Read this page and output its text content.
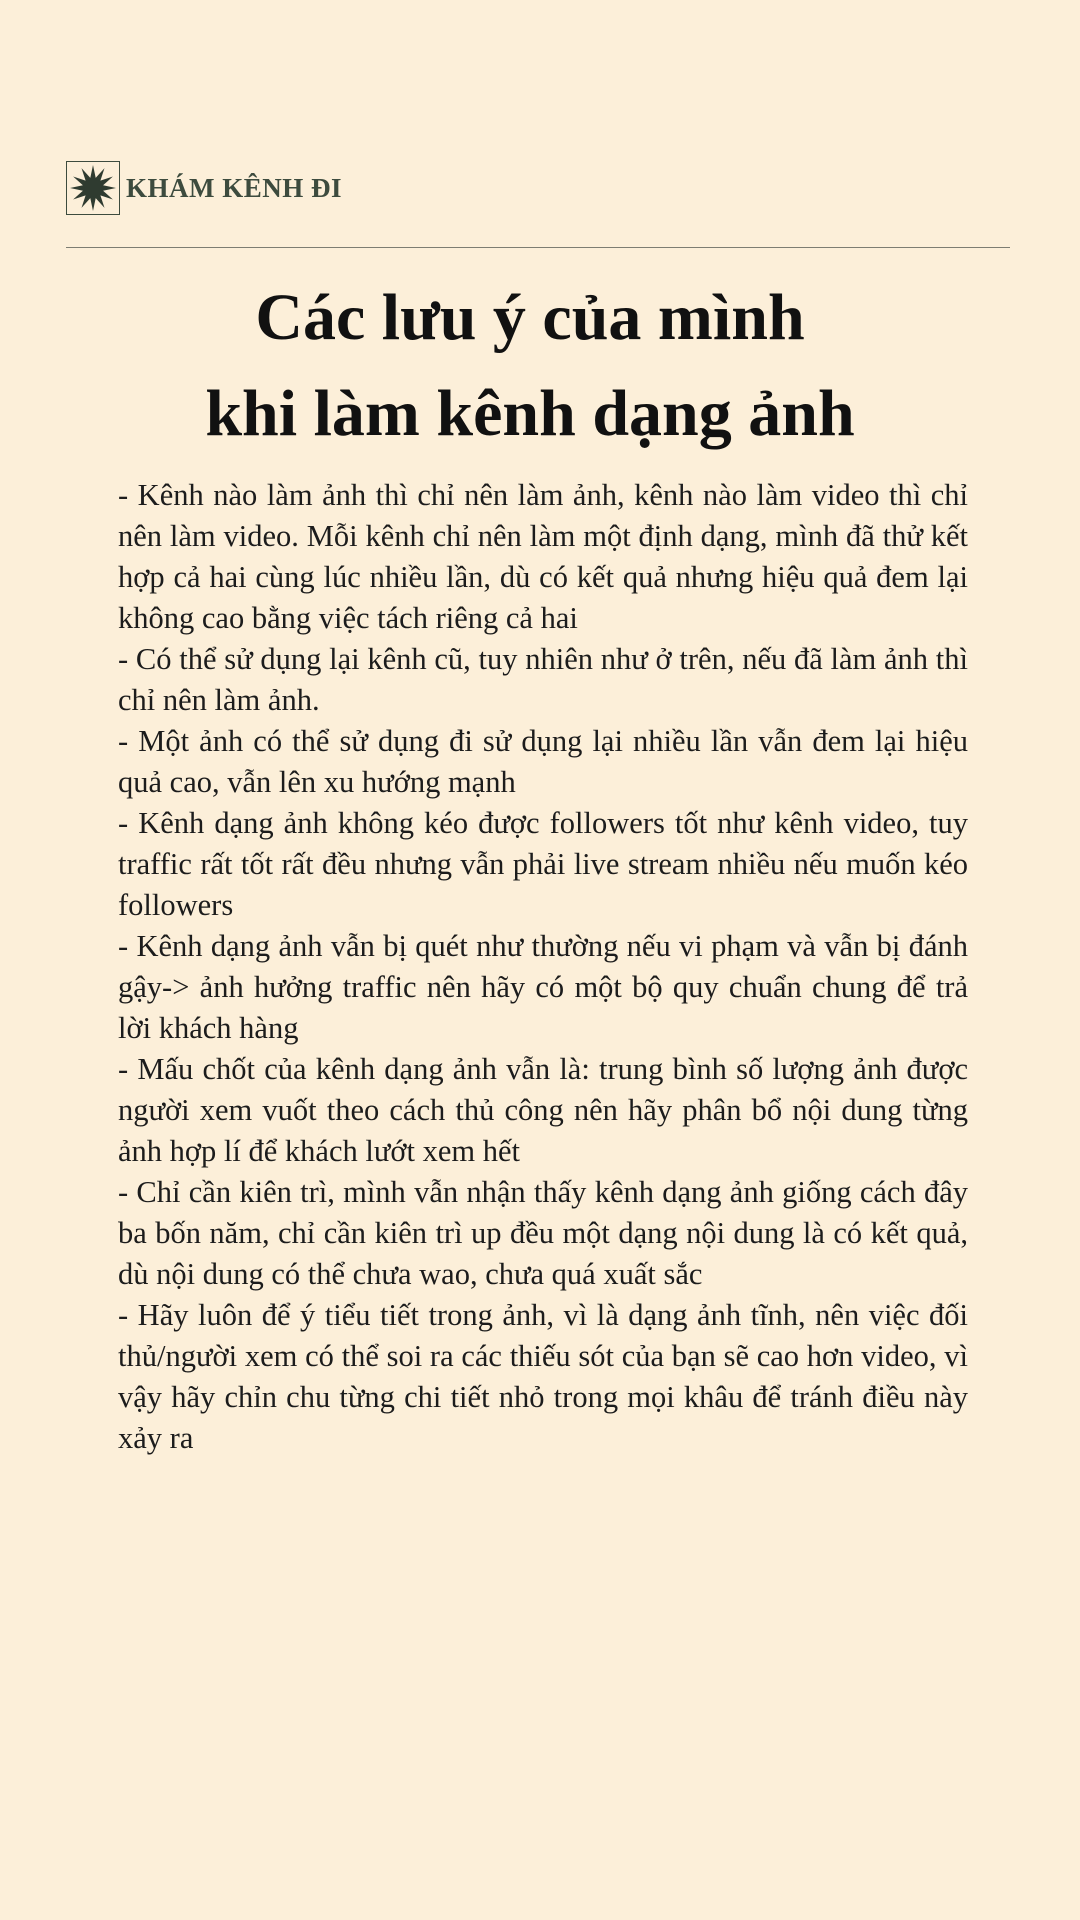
KHÁM KÊNH ĐI
Các lưu ý của mình
khi làm kênh dạng ảnh
- Kênh nào làm ảnh thì chỉ nên làm ảnh, kênh nào làm video thì chỉ nên làm video. Mỗi kênh chỉ nên làm một định dạng, mình đã thử kết hợp cả hai cùng lúc nhiều lần, dù có kết quả nhưng hiệu quả đem lại không cao bằng việc tách riêng cả hai
- Có thể sử dụng lại kênh cũ, tuy nhiên như ở trên, nếu đã làm ảnh thì chỉ nên làm ảnh.
- Một ảnh có thể sử dụng đi sử dụng lại nhiều lần vẫn đem lại hiệu quả cao, vẫn lên xu hướng mạnh
- Kênh dạng ảnh không kéo được followers tốt như kênh video, tuy traffic rất tốt rất đều nhưng vẫn phải live stream nhiều nếu muốn kéo followers
- Kênh dạng ảnh vẫn bị quét như thường nếu vi phạm và vẫn bị đánh gậy-> ảnh hưởng traffic nên hãy có một bộ quy chuẩn chung để trả lời khách hàng
- Mấu chốt của kênh dạng ảnh vẫn là: trung bình số lượng ảnh được người xem vuốt theo cách thủ công nên hãy phân bổ nội dung từng ảnh hợp lí để khách lướt xem hết
- Chỉ cần kiên trì, mình vẫn nhận thấy kênh dạng ảnh giống cách đây ba bốn năm, chỉ cần kiên trì up đều một dạng nội dung là có kết quả, dù nội dung có thể chưa wao, chưa quá xuất sắc
- Hãy luôn để ý tiểu tiết trong ảnh, vì là dạng ảnh tĩnh, nên việc đối thủ/người xem có thể soi ra các thiếu sót của bạn sẽ cao hơn video, vì vậy hãy chỉn chu từng chi tiết nhỏ trong mọi khâu để tránh điều này xảy ra
